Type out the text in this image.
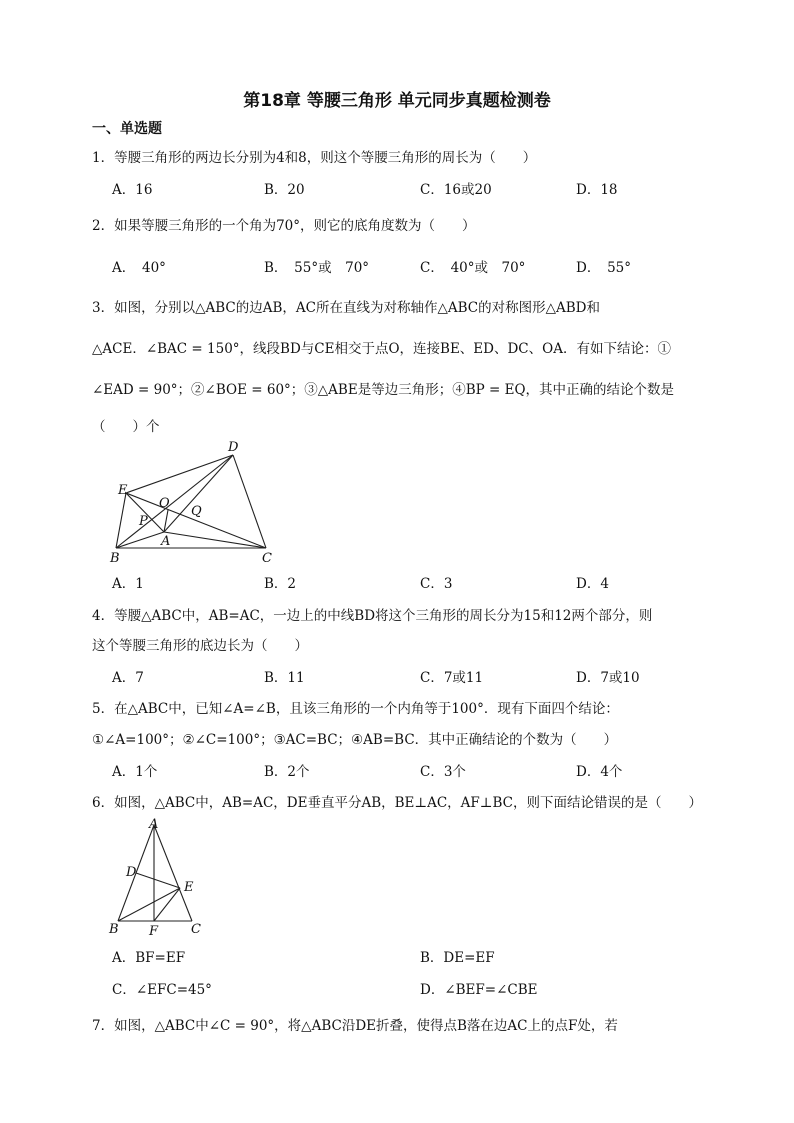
第18章 等腰三角形 单元同步真题检测卷
一、单选题
1．等腰三角形的两边长分别为4和8，则这个等腰三角形的周长为（　　）
A．16	B．20	C．16或20	D．18
2．如果等腰三角形的一个角为70°，则它的底角度数为（　　）
A．　40°	B．　55°或　70°	C．　40°或　70°	D．　55°
3．如图，分别以△ABC的边AB，AC所在直线为对称轴作△ABC的对称图形△ABD和
△ACE．∠BAC = 150°，线段BD与CE相交于点O，连接BE、ED、DC、OA．有如下结论：①
∠EAD = 90°；②∠BOE = 60°；③△ABE是等边三角形；④BP = EQ，其中正确的结论个数是
（　　）个
D
E
O
Q
P
A
B	C
A．1	B．2	C．3	D．4
4．等腰△ABC中，AB=AC，一边上的中线BD将这个三角形的周长分为15和12两个部分，则
这个等腰三角形的底边长为（　　）
A．7	B．11	C．7或11	D．7或10
5．在△ABC中，已知∠A=∠B，且该三角形的一个内角等于100°．现有下面四个结论：
①∠A=100°；②∠C=100°；③AC=BC；④AB=BC．其中正确结论的个数为（　　）
A．1个	B．2个	C．3个	D．4个
6．如图，△ABC中，AB=AC，DE垂直平分AB，BE⊥AC，AF⊥BC，则下面结论错误的是（　　）
A
D
E
B F	C
A．BF=EF	B．DE=EF
C．∠EFC=45°	D．∠BEF=∠CBE
7．如图，△ABC中∠C = 90°，将△ABC沿DE折叠，使得点B落在边AC上的点F处，若
